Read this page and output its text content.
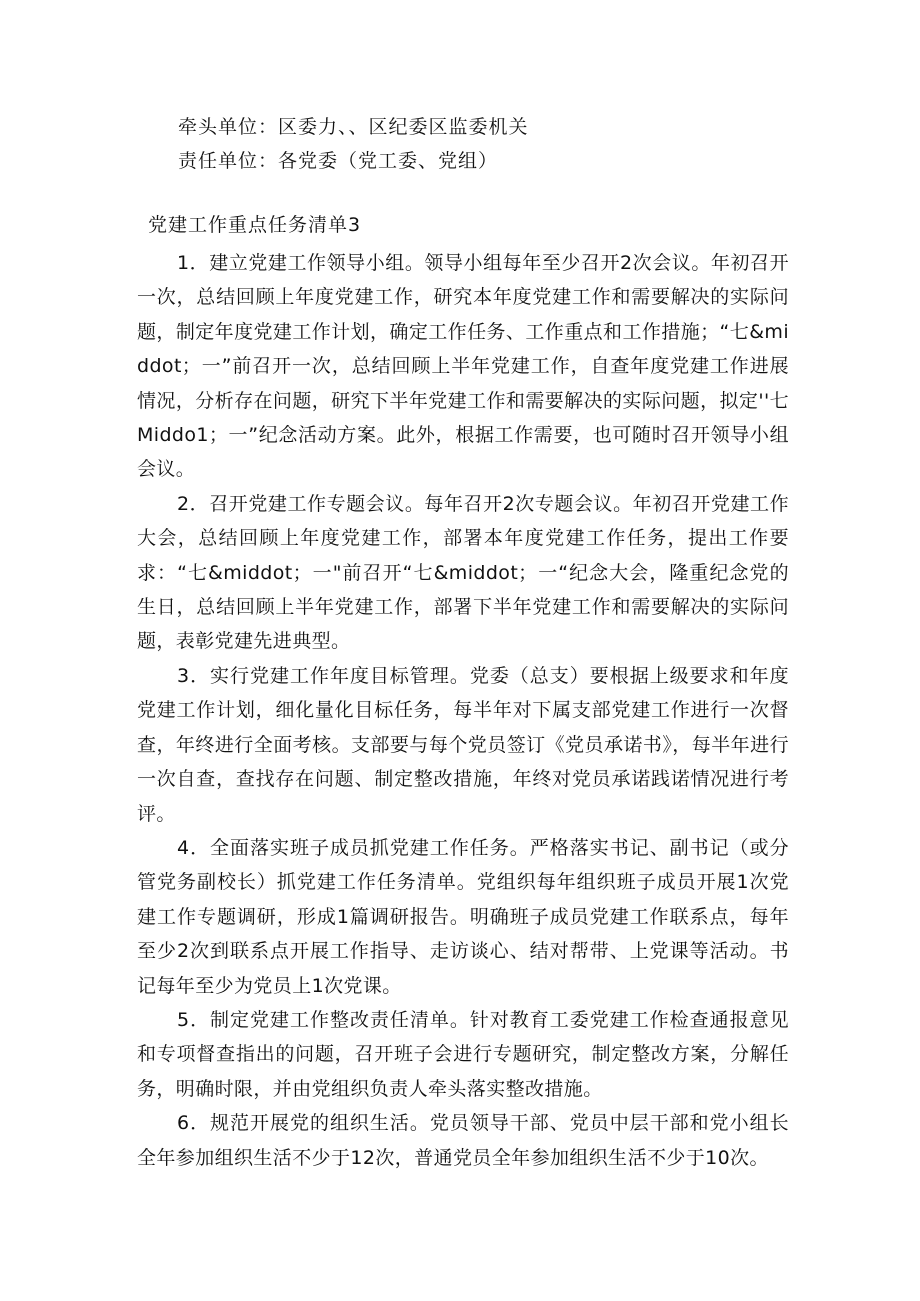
牵头单位：区委力、、区纪委区监委机关
责任单位：各党委（党工委、党组）
党建工作重点任务清单3

1．建立党建工作领导小组。领导小组每年至少召开2次会议。年初召开一次，总结回顾上年度党建工作，研究本年度党建工作和需要解决的实际问题，制定年度党建工作计划，确定工作任务、工作重点和工作措施；“七&middot；一”前召开一次，总结回顾上半年党建工作，自查年度党建工作进展情况，分析存在问题，研究下半年党建工作和需要解决的实际问题，拟定''七Middo1；一”纪念活动方案。此外，根据工作需要，也可随时召开领导小组会议。

2．召开党建工作专题会议。每年召开2次专题会议。年初召开党建工作大会，总结回顾上年度党建工作，部署本年度党建工作任务，提出工作要求：“七&middot；一"前召开“七&middot；一“纪念大会，隆重纪念党的生日，总结回顾上半年党建工作，部署下半年党建工作和需要解决的实际问题，表彰党建先进典型。

3．实行党建工作年度目标管理。党委（总支）要根据上级要求和年度党建工作计划，细化量化目标任务，每半年对下属支部党建工作进行一次督查，年终进行全面考核。支部要与每个党员签订《党员承诺书》，每半年进行一次自查，查找存在问题、制定整改措施，年终对党员承诺践诺情况进行考评。

4．全面落实班子成员抓党建工作任务。严格落实书记、副书记（或分管党务副校长）抓党建工作任务清单。党组织每年组织班子成员开展1次党建工作专题调研，形成1篇调研报告。明确班子成员党建工作联系点，每年至少2次到联系点开展工作指导、走访谈心、结对帮带、上党课等活动。书记每年至少为党员上1次党课。

5．制定党建工作整改责任清单。针对教育工委党建工作检查通报意见和专项督查指出的问题，召开班子会进行专题研究，制定整改方案，分解任务，明确时限，并由党组织负责人牵头落实整改措施。

6．规范开展党的组织生活。党员领导干部、党员中层干部和党小组长全年参加组织生活不少于12次，普通党员全年参加组织生活不少于10次。
